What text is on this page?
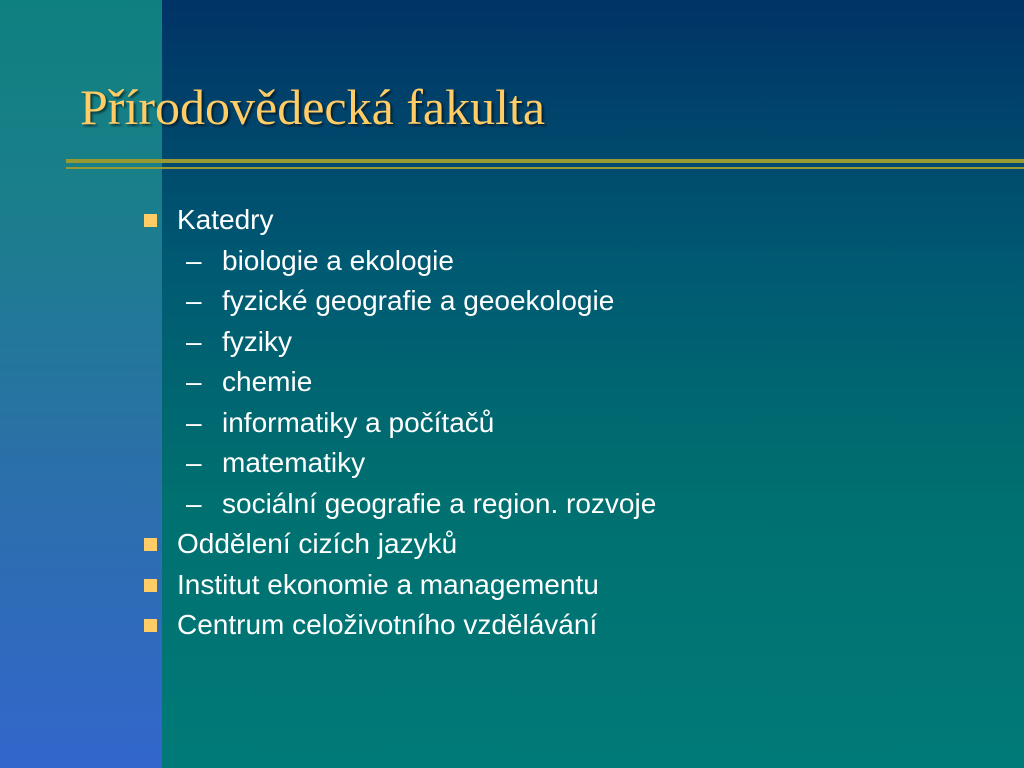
Přírodovědecká fakulta
Katedry
– biologie a ekologie
– fyzické geografie a geoekologie
– fyziky
– chemie
– informatiky a počítačů
– matematiky
– sociální geografie a region. rozvoje
Oddělení cizích jazyků
Institut ekonomie a managementu
Centrum celoživotního vzdělávání
